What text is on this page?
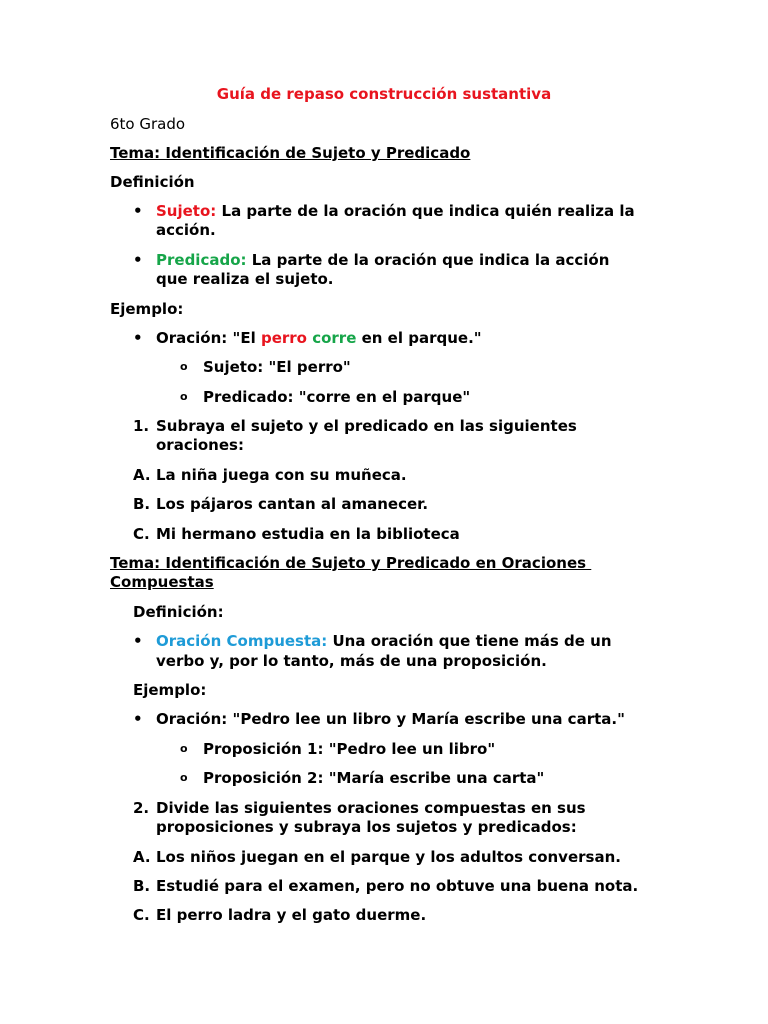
Guía de repaso construcción sustantiva
6to Grado
Tema: Identificación de Sujeto y Predicado
Definición
• Sujeto: La parte de la oración que indica quién realiza la
acción.
• Predicado: La parte de la oración que indica la acción
que realiza el sujeto.
Ejemplo:
• Oración: "El perro corre en el parque."
o Sujeto: "El perro"
o Predicado: "corre en el parque"
1. Subraya el sujeto y el predicado en las siguientes
oraciones:
A. La niña juega con su muñeca.
B. Los pájaros cantan al amanecer.
C. Mi hermano estudia en la biblioteca
Tema: Identificación de Sujeto y Predicado en Oraciones
Compuestas
Definición:
• Oración Compuesta: Una oración que tiene más de un
verbo y, por lo tanto, más de una proposición.
Ejemplo:
• Oración: "Pedro lee un libro y María escribe una carta."
o Proposición 1: "Pedro lee un libro"
o Proposición 2: "María escribe una carta"
2. Divide las siguientes oraciones compuestas en sus
proposiciones y subraya los sujetos y predicados:
A. Los niños juegan en el parque y los adultos conversan.
B. Estudié para el examen, pero no obtuve una buena nota.
C. El perro ladra y el gato duerme.
